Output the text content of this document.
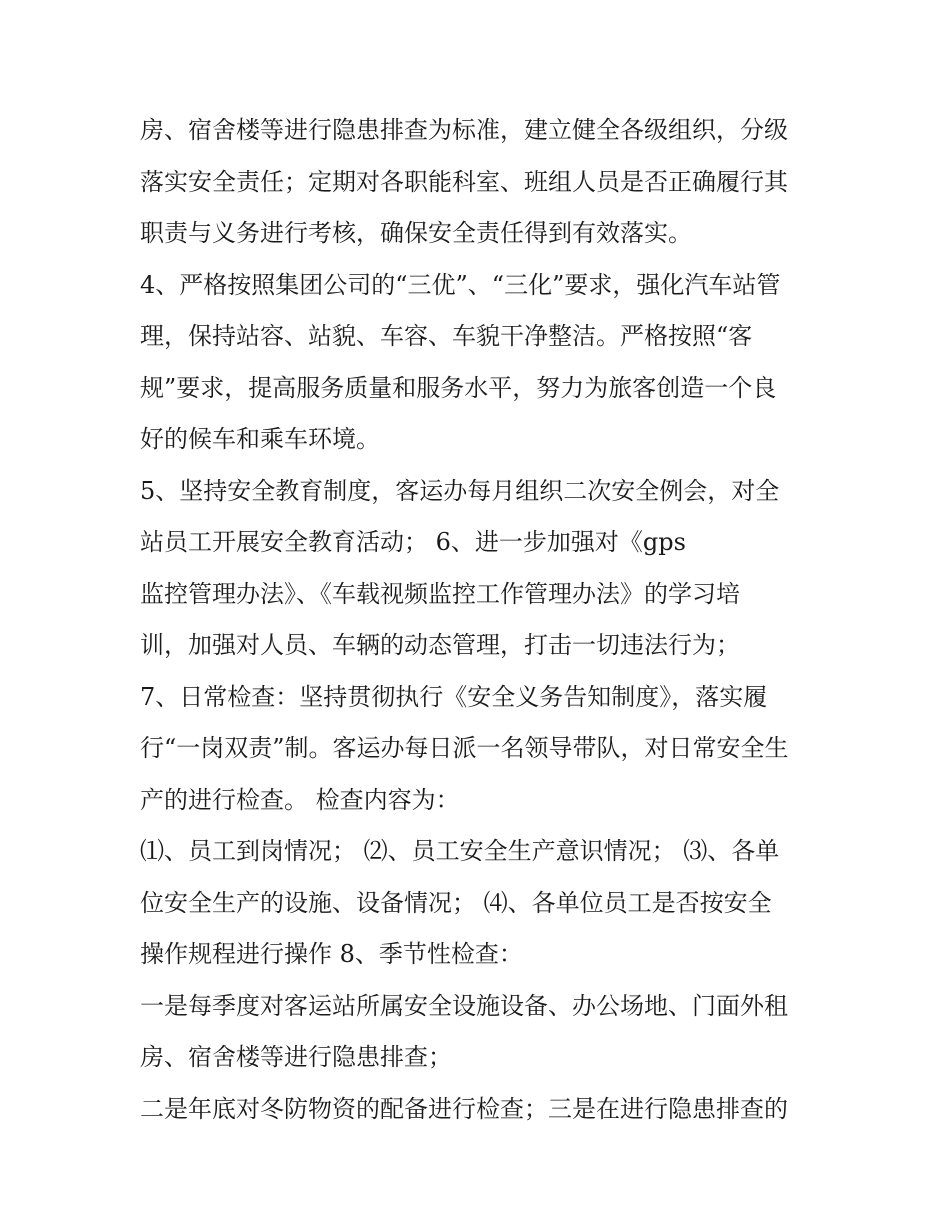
房、宿舍楼等进行隐患排查为标准，建立健全各级组织，分级
落实安全责任；定期对各职能科室、班组人员是否正确履行其
职责与义务进行考核，确保安全责任得到有效落实。
4、严格按照集团公司的“三优”、“三化”要求，强化汽车站管
理，保持站容、站貌、车容、车貌干净整洁。严格按照“客
规”要求，提高服务质量和服务水平，努力为旅客创造一个良
好的候车和乘车环境。
5、坚持安全教育制度，客运办每月组织二次安全例会，对全
站员工开展安全教育活动； 6、进一步加强对《gps
监控管理办法》、《车载视频监控工作管理办法》的学习培
训，加强对人员、车辆的动态管理，打击一切违法行为；
7、日常检查：坚持贯彻执行《安全义务告知制度》，落实履
行“一岗双责”制。客运办每日派一名领导带队，对日常安全生
产的进行检查。 检查内容为：
⑴、员工到岗情况； ⑵、员工安全生产意识情况； ⑶、各单
位安全生产的设施、设备情况； ⑷、各单位员工是否按安全
操作规程进行操作 8、季节性检查：
一是每季度对客运站所属安全设施设备、办公场地、门面外租
房、宿舍楼等进行隐患排查；
二是年底对冬防物资的配备进行检查；三是在进行隐患排查的
